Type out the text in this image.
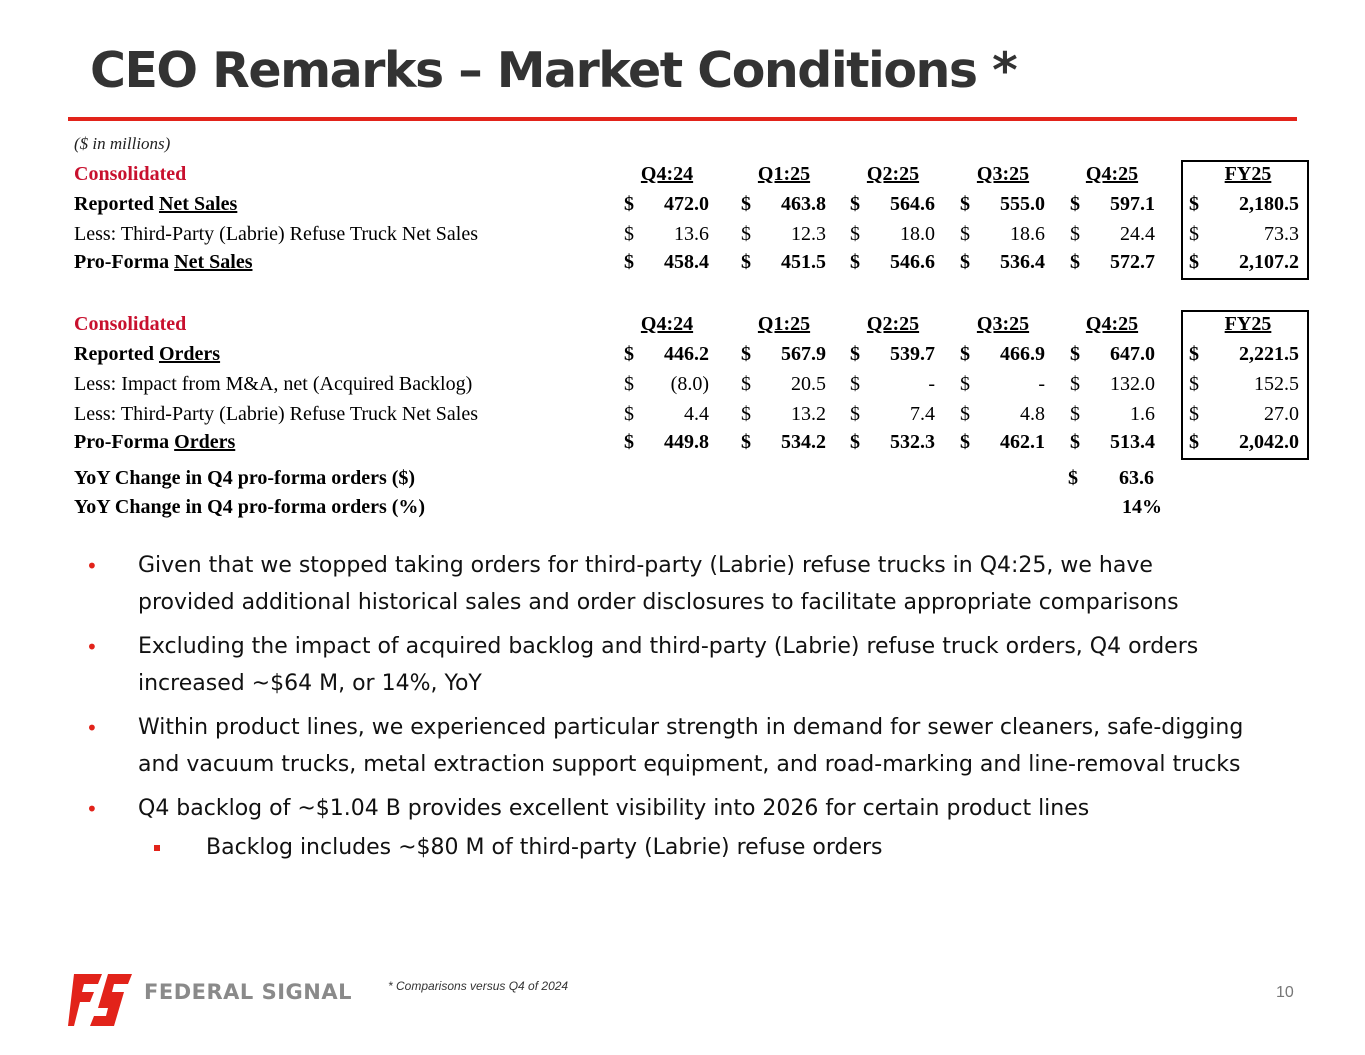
CEO Remarks – Market Conditions *
($ in millions)
Consolidated	Q4:24	Q1:25	Q2:25	Q3:25	Q4:25	FY25
Reported Net Sales	$	472.0 $	463.8 $	564.6 $	555.0 $	597.1 $	2,180.5
Less: Third-Party (Labrie) Refuse Truck Net Sales	$	13.6 $	12.3 $	18.0 $	18.6 $	24.4 $	73.3
Pro-Forma Net Sales	$	458.4 $	451.5 $	546.6 $	536.4 $	572.7 $	2,107.2
Consolidated	Q4:24	Q1:25	Q2:25	Q3:25	Q4:25	FY25
Reported Orders	$	446.2 $	567.9 $	539.7 $	466.9 $	647.0 $	2,221.5
Less: Impact from M&A, net (Acquired Backlog)	$	(8.0) $	20.5 $	- $	- $	132.0 $	152.5
Less: Third-Party (Labrie) Refuse Truck Net Sales	$	4.4 $	13.2 $	7.4 $	4.8 $	1.6 $	27.0
Pro-Forma Orders	$	449.8 $	534.2 $	532.3 $	462.1 $	513.4 $	2,042.0
YoY Change in Q4 pro-forma orders ($)	$	63.6
YoY Change in Q4 pro-forma orders (%)	14%
• Given that we stopped taking orders for third-party (Labrie) refuse trucks in Q4:25, we have provided additional historical sales and order disclosures to facilitate appropriate comparisons
• Excluding the impact of acquired backlog and third-party (Labrie) refuse truck orders, Q4 orders increased ~$64 M, or 14%, YoY
• Within product lines, we experienced particular strength in demand for sewer cleaners, safe-digging and vacuum trucks, metal extraction support equipment, and road-marking and line-removal trucks
• Q4 backlog of ~$1.04 B provides excellent visibility into 2026 for certain product lines
Backlog includes ~$80 M of third-party (Labrie) refuse orders
FEDERAL SIGNAL	* Comparisons versus Q4 of 2024	10
